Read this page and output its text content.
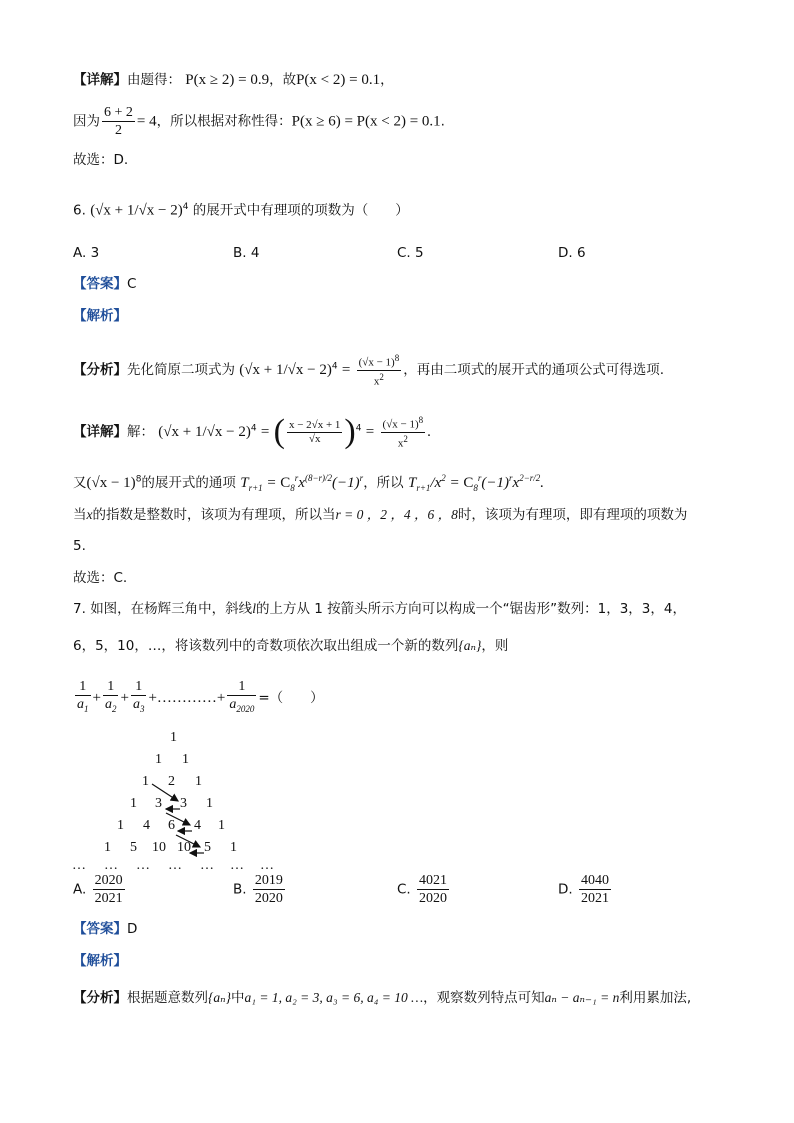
【详解】由题得： P(x ≥ 2) = 0.9，故P(x < 2) = 0.1，
因为 $\frac{6 + 2}{2} = 4$，所以根据对称性得：P(x ≥ 6) = P(x < 2) = 0.1.
故选：D.
6. $(√x + 1/√x - 2)^4$ 的展开式中有理项的项数为（　　）
A. 3	B. 4	C. 5	D. 6
【答案】C
【解析】
【分析】先化简原二项式为 $(√x + 1/√x - 2)^4 = \frac{(√x - 1)^8}{x^2}$ ，再由二项式的展开式的通项公式可得选项.
【详解】解： $(√x + 1/√x - 2)^4$ = ( $\frac{x - 2√x + 1}{√x} )^4 = \frac{(√x - 1)^8}{x^2}$ .
又$(√x - 1)^8$的展开式的通项 $T_{r+1} = C_8^rx^{(8-r)/2}(-1)^r$，所以 $T_{r+1}/x^2 = C_8^r(-1)^rx^{2-r/2}$.
当x的指数是整数时，该项为有理项，所以当r = 0 ，2 ，4 ，6 ，8时，该项为有理项，即有理项的项数为
5.
故选：C.
7. 如图，在杨辉三角中，斜线l的上方从 1 按箭头所示方向可以构成一个“锯齿形”数列：1，3，3，4，
6，5，10，…，将该数列中的奇数项依次取出组成一个新的数列{aₙ}，则
$\frac{1}{a_1} + \frac{1}{a_2} + \frac{1}{a_3}$ +…………+ $\frac{1}{a_{2020}}$ =（　　）
1
1 1
1 2 1
1 3 3 1
1 4 6 4 1
1 5 10 10 5 1
… … … … … … …
A. $\frac{2020}{2021}$	B. $\frac{2019}{2020}$	C. $\frac{4021}{2020}$	D. $\frac{4040}{2021}$
【答案】D
【解析】
【分析】根据题意数列{aₙ}中a₁ = 1, a₂ = 3, a₃ = 6, a₄ = 10 …，观察数列特点可知aₙ − aₙ₋₁ = n利用累加法,
